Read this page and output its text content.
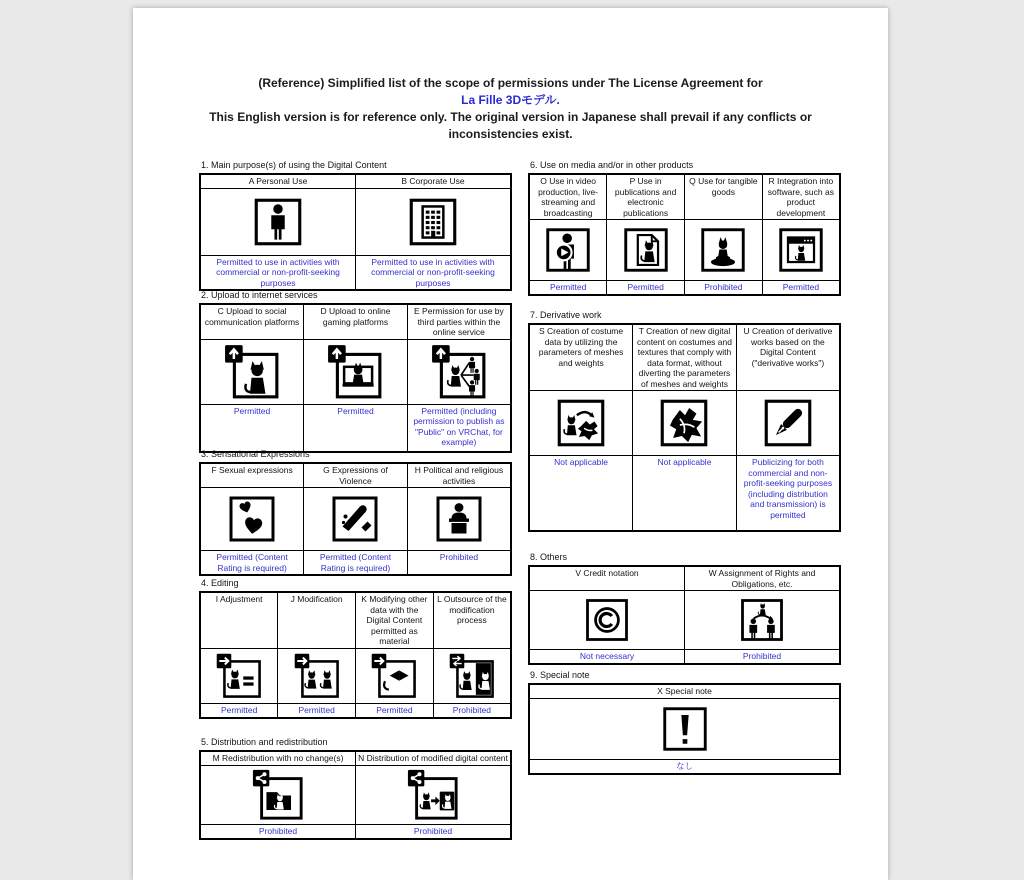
(Reference) Simplified list of the scope of permissions under The License Agreement for
La Fille 3Dモデル.
This English version is for reference only. The original version in Japanese shall prevail if any conflicts or inconsistencies exist.
1. Main purpose(s) of using the Digital Content
A Personal Use	B Corporate Use

Permitted to use in activities with commercial or non-profit-seeking purposes	Permitted to use in activities with commercial or non-profit-seeking purposes
2. Upload to internet services
C Upload to social communication platforms	D Upload to online gaming platforms	E Permission for use by third parties within the online service

Permitted	Permitted	Permitted (including permission to publish as "Public" on VRChat, for example)
3. Sensational Expressions
F Sexual expressions	G Expressions of Violence	H Political and religious activities

Permitted (Content Rating is required)	Permitted (Content Rating is required)	Prohibited
4. Editing
I Adjustment	J Modification	K Modifying other data with the Digital Content permitted as material	L Outsource of the modification process

Permitted	Permitted	Permitted	Prohibited
5. Distribution and redistribution
M Redistribution with no change(s)	N Distribution of modified digital content

Prohibited	Prohibited
6. Use on media and/or in other products
O Use in video production, live-streaming and broadcasting	P Use in publications and electronic publications	Q Use for tangible goods	R Integration into software, such as product development

Permitted	Permitted	Prohibited	Permitted
7. Derivative work
S Creation of costume data by utilizing the parameters of meshes and weights	T Creation of new digital content on costumes and textures that comply with data format, without diverting the parameters of meshes and weights	U Creation of derivative works based on the Digital Content ("derivative works")

Not applicable	Not applicable	Publicizing for both commercial and non-profit-seeking purposes (including distribution and transmission) is permitted
8. Others
V Credit notation	W Assignment of Rights and Obligations, etc.

Not necessary	Prohibited
9. Special note
X Special note

なし
